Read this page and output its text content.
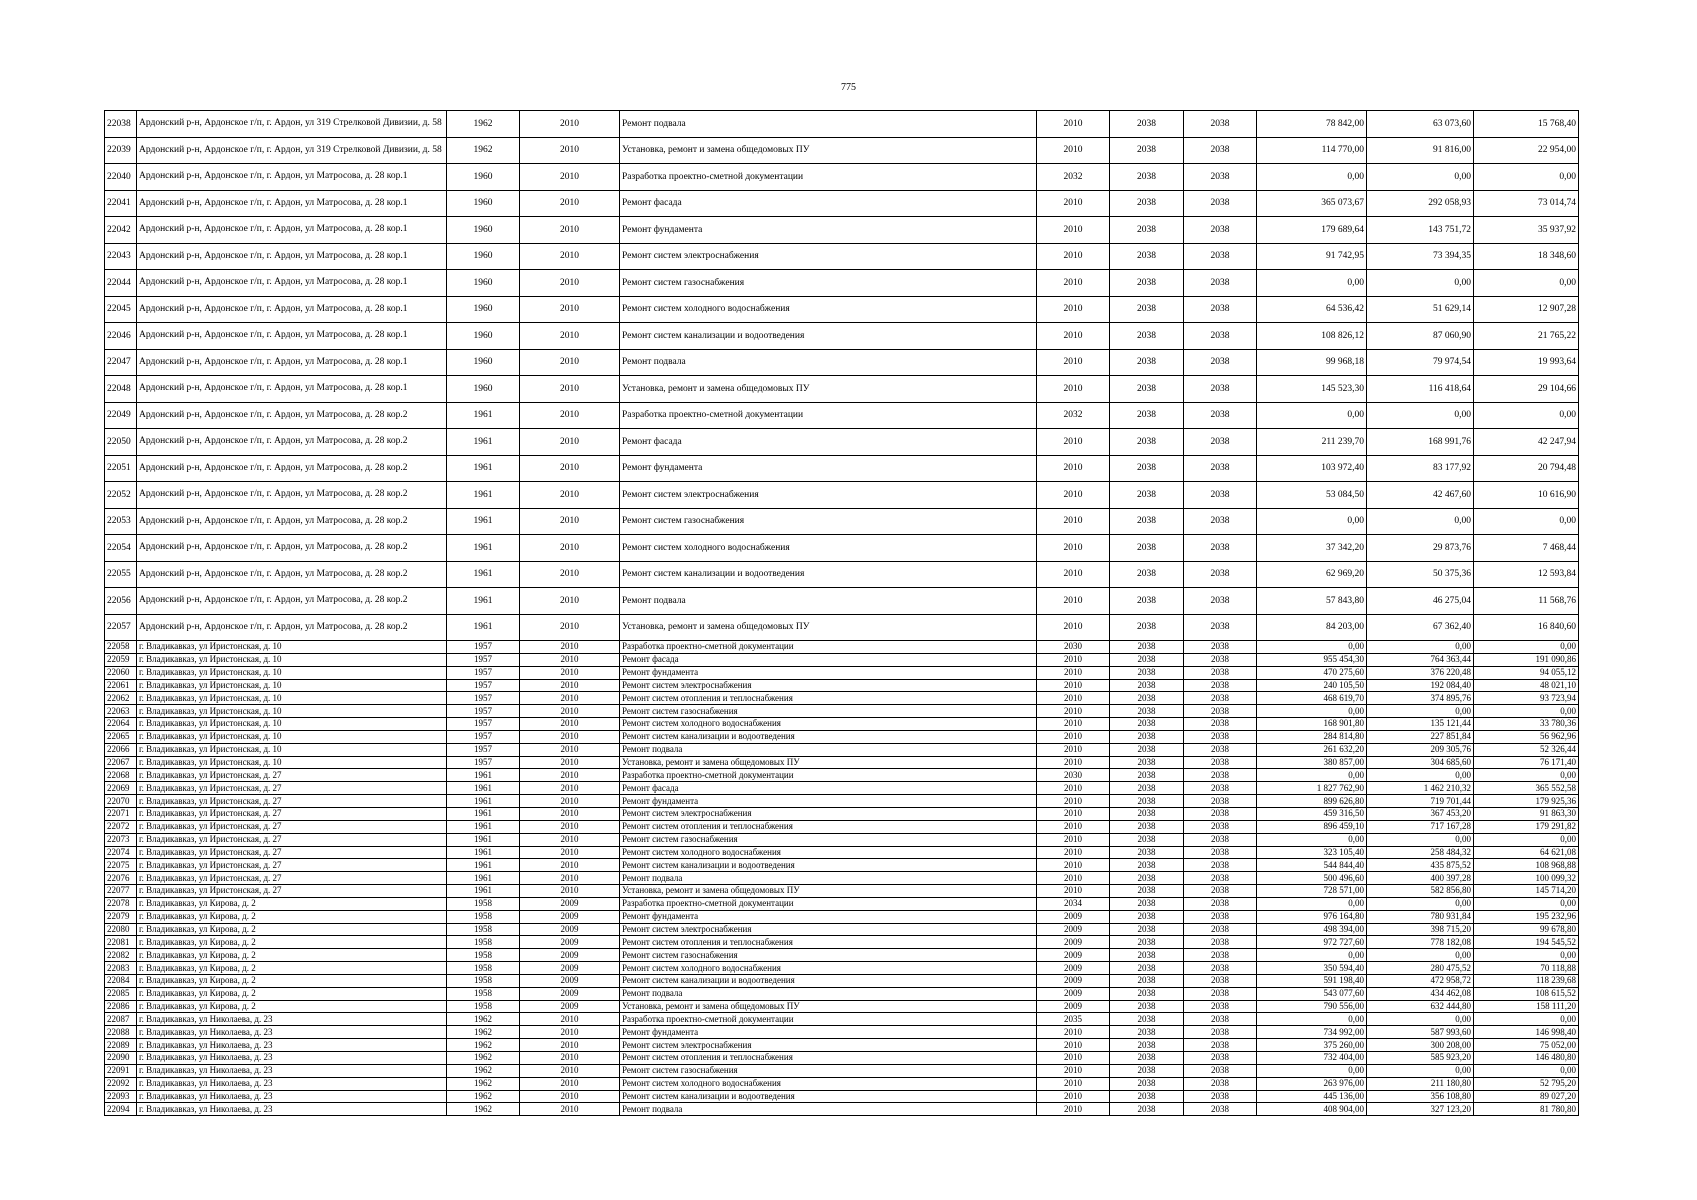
775
22038	Ардонский р-н, Ардонское г/п, г. Ардон, ул 319 Стрелковой Дивизии, д. 58	1962	2010	Ремонт подвала	2010	2038	2038	78 842,00	63 073,60	15 768,40
22039	Ардонский р-н, Ардонское г/п, г. Ардон, ул 319 Стрелковой Дивизии, д. 58	1962	2010	Установка, ремонт и замена общедомовых ПУ	2010	2038	2038	114 770,00	91 816,00	22 954,00
22040	Ардонский р-н, Ардонское г/п, г. Ардон, ул Матросова, д. 28 кор.1	1960	2010	Разработка проектно-сметной документации	2032	2038	2038	0,00	0,00	0,00
22041	Ардонский р-н, Ардонское г/п, г. Ардон, ул Матросова, д. 28 кор.1	1960	2010	Ремонт фасада	2010	2038	2038	365 073,67	292 058,93	73 014,74
22042	Ардонский р-н, Ардонское г/п, г. Ардон, ул Матросова, д. 28 кор.1	1960	2010	Ремонт фундамента	2010	2038	2038	179 689,64	143 751,72	35 937,92
22043	Ардонский р-н, Ардонское г/п, г. Ардон, ул Матросова, д. 28 кор.1	1960	2010	Ремонт систем электроснабжения	2010	2038	2038	91 742,95	73 394,35	18 348,60
22044	Ардонский р-н, Ардонское г/п, г. Ардон, ул Матросова, д. 28 кор.1	1960	2010	Ремонт систем газоснабжения	2010	2038	2038	0,00	0,00	0,00
22045	Ардонский р-н, Ардонское г/п, г. Ардон, ул Матросова, д. 28 кор.1	1960	2010	Ремонт систем холодного водоснабжения	2010	2038	2038	64 536,42	51 629,14	12 907,28
22046	Ардонский р-н, Ардонское г/п, г. Ардон, ул Матросова, д. 28 кор.1	1960	2010	Ремонт систем канализации и водоотведения	2010	2038	2038	108 826,12	87 060,90	21 765,22
22047	Ардонский р-н, Ардонское г/п, г. Ардон, ул Матросова, д. 28 кор.1	1960	2010	Ремонт подвала	2010	2038	2038	99 968,18	79 974,54	19 993,64
22048	Ардонский р-н, Ардонское г/п, г. Ардон, ул Матросова, д. 28 кор.1	1960	2010	Установка, ремонт и замена общедомовых ПУ	2010	2038	2038	145 523,30	116 418,64	29 104,66
22049	Ардонский р-н, Ардонское г/п, г. Ардон, ул Матросова, д. 28 кор.2	1961	2010	Разработка проектно-сметной документации	2032	2038	2038	0,00	0,00	0,00
22050	Ардонский р-н, Ардонское г/п, г. Ардон, ул Матросова, д. 28 кор.2	1961	2010	Ремонт фасада	2010	2038	2038	211 239,70	168 991,76	42 247,94
22051	Ардонский р-н, Ардонское г/п, г. Ардон, ул Матросова, д. 28 кор.2	1961	2010	Ремонт фундамента	2010	2038	2038	103 972,40	83 177,92	20 794,48
22052	Ардонский р-н, Ардонское г/п, г. Ардон, ул Матросова, д. 28 кор.2	1961	2010	Ремонт систем электроснабжения	2010	2038	2038	53 084,50	42 467,60	10 616,90
22053	Ардонский р-н, Ардонское г/п, г. Ардон, ул Матросова, д. 28 кор.2	1961	2010	Ремонт систем газоснабжения	2010	2038	2038	0,00	0,00	0,00
22054	Ардонский р-н, Ардонское г/п, г. Ардон, ул Матросова, д. 28 кор.2	1961	2010	Ремонт систем холодного водоснабжения	2010	2038	2038	37 342,20	29 873,76	7 468,44
22055	Ардонский р-н, Ардонское г/п, г. Ардон, ул Матросова, д. 28 кор.2	1961	2010	Ремонт систем канализации и водоотведения	2010	2038	2038	62 969,20	50 375,36	12 593,84
22056	Ардонский р-н, Ардонское г/п, г. Ардон, ул Матросова, д. 28 кор.2	1961	2010	Ремонт подвала	2010	2038	2038	57 843,80	46 275,04	11 568,76
22057	Ардонский р-н, Ардонское г/п, г. Ардон, ул Матросова, д. 28 кор.2	1961	2010	Установка, ремонт и замена общедомовых ПУ	2010	2038	2038	84 203,00	67 362,40	16 840,60
22058	г. Владикавказ, ул Иристонская, д. 10	1957	2010	Разработка проектно-сметной документации	2030	2038	2038	0,00	0,00	0,00
22059	г. Владикавказ, ул Иристонская, д. 10	1957	2010	Ремонт фасада	2010	2038	2038	955 454,30	764 363,44	191 090,86
22060	г. Владикавказ, ул Иристонская, д. 10	1957	2010	Ремонт фундамента	2010	2038	2038	470 275,60	376 220,48	94 055,12
22061	г. Владикавказ, ул Иристонская, д. 10	1957	2010	Ремонт систем электроснабжения	2010	2038	2038	240 105,50	192 084,40	48 021,10
22062	г. Владикавказ, ул Иристонская, д. 10	1957	2010	Ремонт систем отопления и теплоснабжения	2010	2038	2038	468 619,70	374 895,76	93 723,94
22063	г. Владикавказ, ул Иристонская, д. 10	1957	2010	Ремонт систем газоснабжения	2010	2038	2038	0,00	0,00	0,00
22064	г. Владикавказ, ул Иристонская, д. 10	1957	2010	Ремонт систем холодного водоснабжения	2010	2038	2038	168 901,80	135 121,44	33 780,36
22065	г. Владикавказ, ул Иристонская, д. 10	1957	2010	Ремонт систем канализации и водоотведения	2010	2038	2038	284 814,80	227 851,84	56 962,96
22066	г. Владикавказ, ул Иристонская, д. 10	1957	2010	Ремонт подвала	2010	2038	2038	261 632,20	209 305,76	52 326,44
22067	г. Владикавказ, ул Иристонская, д. 10	1957	2010	Установка, ремонт и замена общедомовых ПУ	2010	2038	2038	380 857,00	304 685,60	76 171,40
22068	г. Владикавказ, ул Иристонская, д. 27	1961	2010	Разработка проектно-сметной документации	2030	2038	2038	0,00	0,00	0,00
22069	г. Владикавказ, ул Иристонская, д. 27	1961	2010	Ремонт фасада	2010	2038	2038	1 827 762,90	1 462 210,32	365 552,58
22070	г. Владикавказ, ул Иристонская, д. 27	1961	2010	Ремонт фундамента	2010	2038	2038	899 626,80	719 701,44	179 925,36
22071	г. Владикавказ, ул Иристонская, д. 27	1961	2010	Ремонт систем электроснабжения	2010	2038	2038	459 316,50	367 453,20	91 863,30
22072	г. Владикавказ, ул Иристонская, д. 27	1961	2010	Ремонт систем отопления и теплоснабжения	2010	2038	2038	896 459,10	717 167,28	179 291,82
22073	г. Владикавказ, ул Иристонская, д. 27	1961	2010	Ремонт систем газоснабжения	2010	2038	2038	0,00	0,00	0,00
22074	г. Владикавказ, ул Иристонская, д. 27	1961	2010	Ремонт систем холодного водоснабжения	2010	2038	2038	323 105,40	258 484,32	64 621,08
22075	г. Владикавказ, ул Иристонская, д. 27	1961	2010	Ремонт систем канализации и водоотведения	2010	2038	2038	544 844,40	435 875,52	108 968,88
22076	г. Владикавказ, ул Иристонская, д. 27	1961	2010	Ремонт подвала	2010	2038	2038	500 496,60	400 397,28	100 099,32
22077	г. Владикавказ, ул Иристонская, д. 27	1961	2010	Установка, ремонт и замена общедомовых ПУ	2010	2038	2038	728 571,00	582 856,80	145 714,20
22078	г. Владикавказ, ул Кирова, д. 2	1958	2009	Разработка проектно-сметной документации	2034	2038	2038	0,00	0,00	0,00
22079	г. Владикавказ, ул Кирова, д. 2	1958	2009	Ремонт фундамента	2009	2038	2038	976 164,80	780 931,84	195 232,96
22080	г. Владикавказ, ул Кирова, д. 2	1958	2009	Ремонт систем электроснабжения	2009	2038	2038	498 394,00	398 715,20	99 678,80
22081	г. Владикавказ, ул Кирова, д. 2	1958	2009	Ремонт систем отопления и теплоснабжения	2009	2038	2038	972 727,60	778 182,08	194 545,52
22082	г. Владикавказ, ул Кирова, д. 2	1958	2009	Ремонт систем газоснабжения	2009	2038	2038	0,00	0,00	0,00
22083	г. Владикавказ, ул Кирова, д. 2	1958	2009	Ремонт систем холодного водоснабжения	2009	2038	2038	350 594,40	280 475,52	70 118,88
22084	г. Владикавказ, ул Кирова, д. 2	1958	2009	Ремонт систем канализации и водоотведения	2009	2038	2038	591 198,40	472 958,72	118 239,68
22085	г. Владикавказ, ул Кирова, д. 2	1958	2009	Ремонт подвала	2009	2038	2038	543 077,60	434 462,08	108 615,52
22086	г. Владикавказ, ул Кирова, д. 2	1958	2009	Установка, ремонт и замена общедомовых ПУ	2009	2038	2038	790 556,00	632 444,80	158 111,20
22087	г. Владикавказ, ул Николаева, д. 23	1962	2010	Разработка проектно-сметной документации	2035	2038	2038	0,00	0,00	0,00
22088	г. Владикавказ, ул Николаева, д. 23	1962	2010	Ремонт фундамента	2010	2038	2038	734 992,00	587 993,60	146 998,40
22089	г. Владикавказ, ул Николаева, д. 23	1962	2010	Ремонт систем электроснабжения	2010	2038	2038	375 260,00	300 208,00	75 052,00
22090	г. Владикавказ, ул Николаева, д. 23	1962	2010	Ремонт систем отопления и теплоснабжения	2010	2038	2038	732 404,00	585 923,20	146 480,80
22091	г. Владикавказ, ул Николаева, д. 23	1962	2010	Ремонт систем газоснабжения	2010	2038	2038	0,00	0,00	0,00
22092	г. Владикавказ, ул Николаева, д. 23	1962	2010	Ремонт систем холодного водоснабжения	2010	2038	2038	263 976,00	211 180,80	52 795,20
22093	г. Владикавказ, ул Николаева, д. 23	1962	2010	Ремонт систем канализации и водоотведения	2010	2038	2038	445 136,00	356 108,80	89 027,20
22094	г. Владикавказ, ул Николаева, д. 23	1962	2010	Ремонт подвала	2010	2038	2038	408 904,00	327 123,20	81 780,80
